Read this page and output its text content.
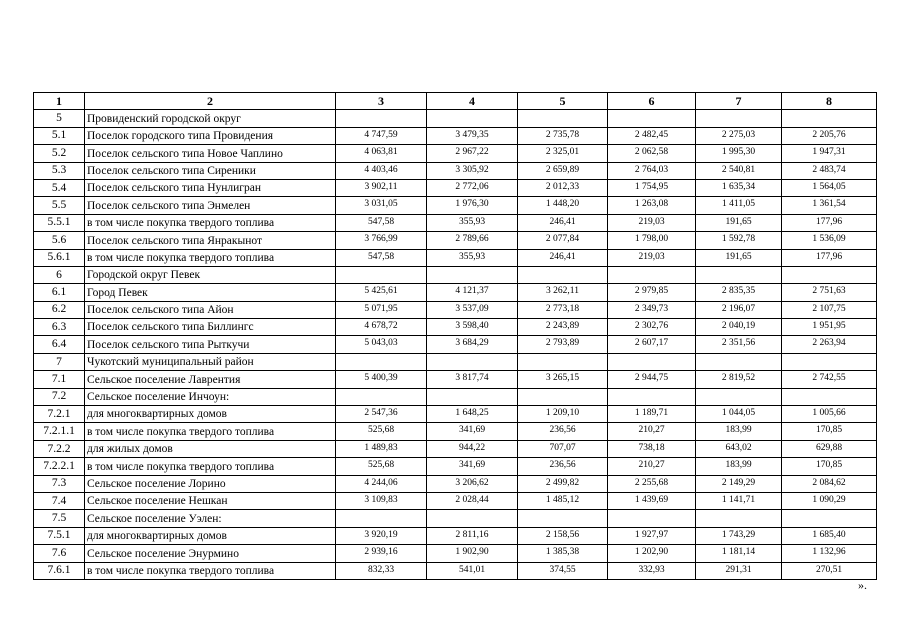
1	2	3	4	5	6	7	8
5	Провиденский городской округ						
5.1	Поселок городского типа Провидения	4 747,59	3 479,35	2 735,78	2 482,45	2 275,03	2 205,76
5.2	Поселок сельского типа Новое Чаплино	4 063,81	2 967,22	2 325,01	2 062,58	1 995,30	1 947,31
5.3	Поселок сельского типа Сиреники	4 403,46	3 305,92	2 659,89	2 764,03	2 540,81	2 483,74
5.4	Поселок сельского типа Нунлигран	3 902,11	2 772,06	2 012,33	1 754,95	1 635,34	1 564,05
5.5	Поселок сельского типа Энмелен	3 031,05	1 976,30	1 448,20	1 263,08	1 411,05	1 361,54
5.5.1	в том числе покупка твердого топлива	547,58	355,93	246,41	219,03	191,65	177,96
5.6	Поселок сельского типа Янракынот	3 766,99	2 789,66	2 077,84	1 798,00	1 592,78	1 536,09
5.6.1	в том числе покупка твердого топлива	547,58	355,93	246,41	219,03	191,65	177,96
6	Городской округ Певек						
6.1	Город Певек	5 425,61	4 121,37	3 262,11	2 979,85	2 835,35	2 751,63
6.2	Поселок сельского типа Айон	5 071,95	3 537,09	2 773,18	2 349,73	2 196,07	2 107,75
6.3	Поселок сельского типа Биллингс	4 678,72	3 598,40	2 243,89	2 302,76	2 040,19	1 951,95
6.4	Поселок сельского типа Рыткучи	5 043,03	3 684,29	2 793,89	2 607,17	2 351,56	2 263,94
7	Чукотский муниципальный район						
7.1	Сельское поселение Лаврентия	5 400,39	3 817,74	3 265,15	2 944,75	2 819,52	2 742,55
7.2	Сельское поселение Инчоун:						
7.2.1	для многоквартирных домов	2 547,36	1 648,25	1 209,10	1 189,71	1 044,05	1 005,66
7.2.1.1	в том числе покупка твердого топлива	525,68	341,69	236,56	210,27	183,99	170,85
7.2.2	для жилых домов	1 489,83	944,22	707,07	738,18	643,02	629,88
7.2.2.1	в том числе покупка твердого топлива	525,68	341,69	236,56	210,27	183,99	170,85
7.3	Сельское поселение Лорино	4 244,06	3 206,62	2 499,82	2 255,68	2 149,29	2 084,62
7.4	Сельское поселение Нешкан	3 109,83	2 028,44	1 485,12	1 439,69	1 141,71	1 090,29
7.5	Сельское поселение Уэлен:						
7.5.1	для многоквартирных домов	3 920,19	2 811,16	2 158,56	1 927,97	1 743,29	1 685,40
7.6	Сельское поселение Энурмино	2 939,16	1 902,90	1 385,38	1 202,90	1 181,14	1 132,96
7.6.1	в том числе покупка твердого топлива	832,33	541,01	374,55	332,93	291,31	270,51
».
